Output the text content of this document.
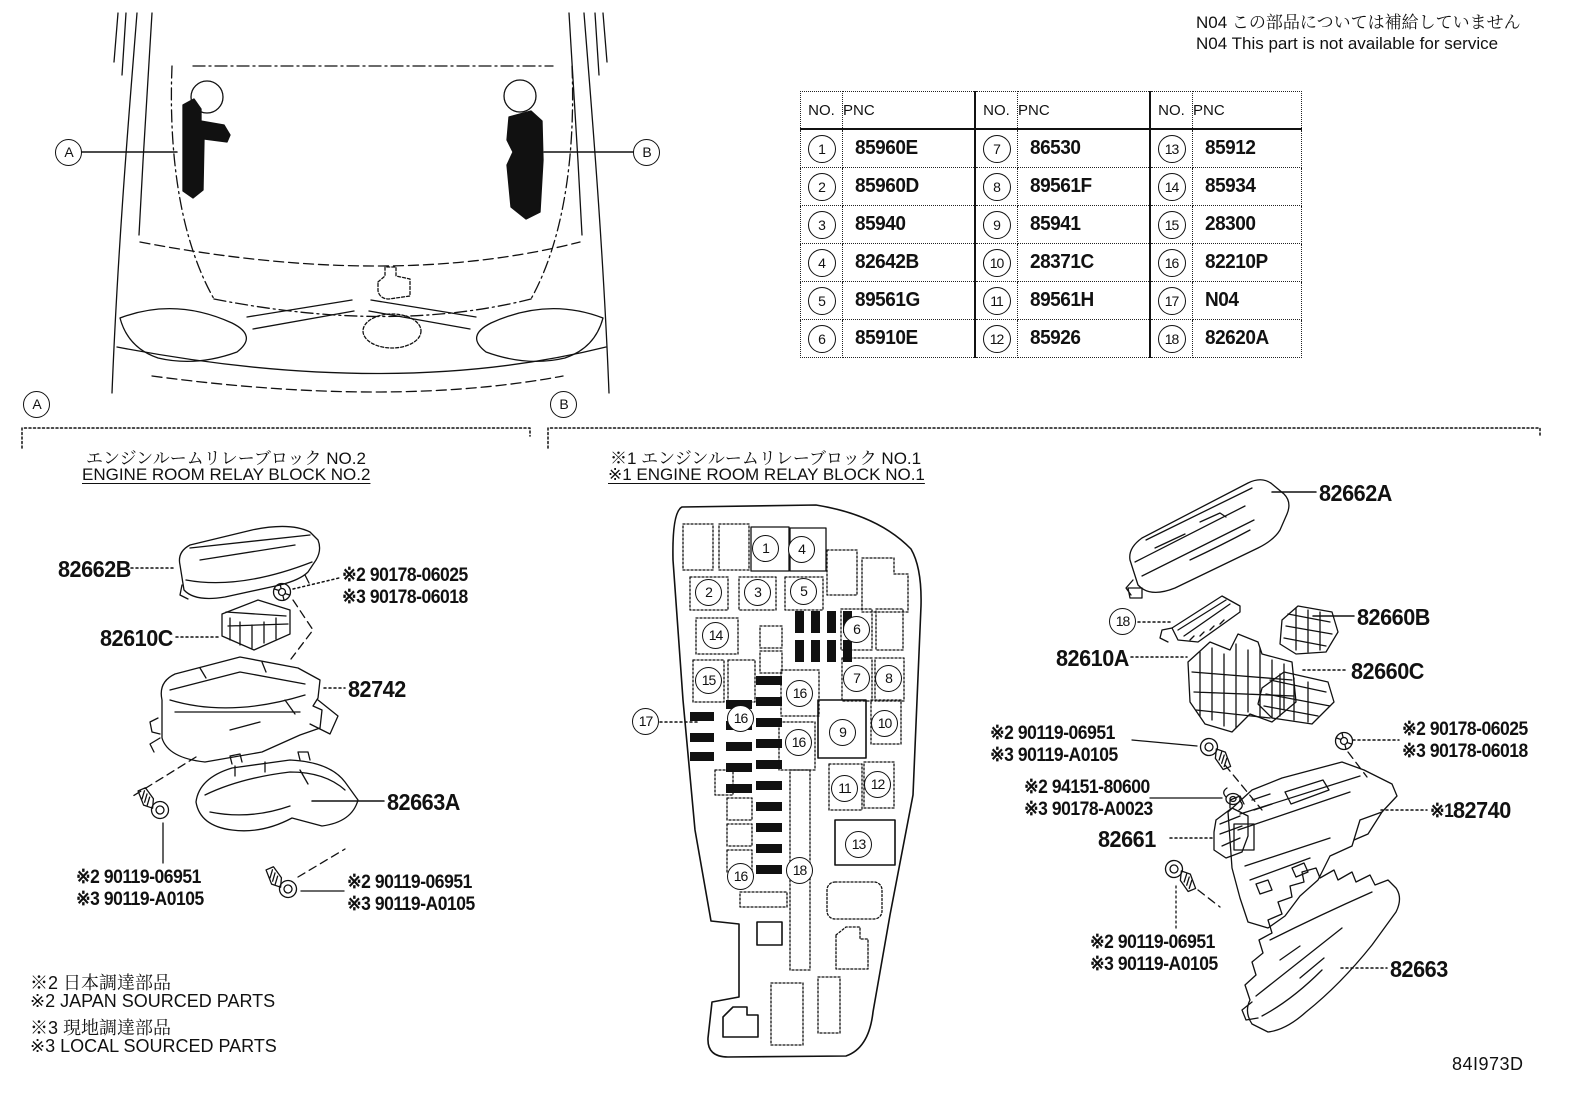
N04 この部品については補給していません
N04 This part is not available for service
NO.	PNC	NO.	PNC	NO.	PNC
1	85960E	7	86530	13	85912
2	85960D	8	89561F	14	85934
3	85940	9	85941	15	28300
4	82642B	10	28371C	16	82210P
5	89561G	11	89561H	17	N04
6	85910E	12	85926	18	82620A
A	B
A	B
エンジンルームリレーブロック NO.2
ENGINE ROOM RELAY BLOCK NO.2
※1 エンジンルームリレーブロック NO.1
※1 ENGINE ROOM RELAY BLOCK NO.1
82662B	※2 90178-06025
※3 90178-06018
82610C
82742
82663A
※2 90119-06951
※3 90119-A0105
※2 90119-06951
※3 90119-A0105
82662A
82660B
82610A	82660C
※2 90119-06951
※3 90119-A0105
※2 90178-06025
※3 90178-06018
※2 94151-80600
※3 90178-A0023
82661
※1 82740
※2 90119-06951
※3 90119-A0105	82663
1	4
2	3	5
14	6
15	7	8
16
17	16
16
9
10
11	12
13
16	18
18
※2 日本調達部品
※2 JAPAN SOURCED PARTS
※3 現地調達部品
※3 LOCAL SOURCED PARTS
84I973D
